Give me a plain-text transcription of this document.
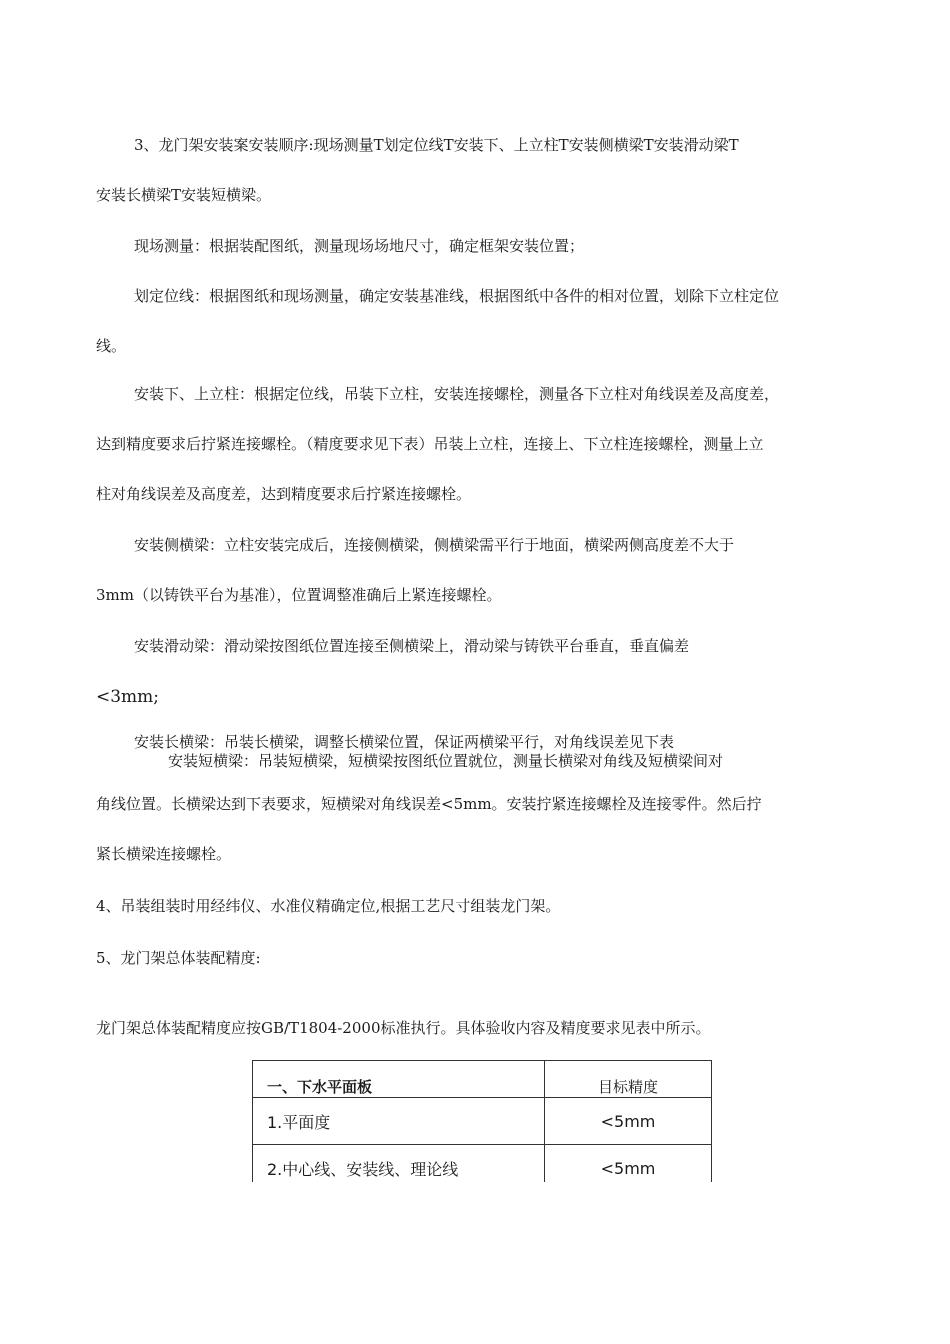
3、龙门架安装案安装顺序:现场测量T划定位线T安装下、上立柱T安装侧横梁T安装滑动梁T
安装长横梁T安装短横梁。
现场测量：根据装配图纸，测量现场场地尺寸，确定框架安装位置；
划定位线：根据图纸和现场测量，确定安装基准线，根据图纸中各件的相对位置，划除下立柱定位
线。
安装下、上立柱：根据定位线，吊装下立柱，安装连接螺栓，测量各下立柱对角线误差及高度差，
达到精度要求后拧紧连接螺栓。（精度要求见下表）吊装上立柱，连接上、下立柱连接螺栓，测量上立
柱对角线误差及高度差，达到精度要求后拧紧连接螺栓。
安装侧横梁：立柱安装完成后，连接侧横梁，侧横梁需平行于地面，横梁两侧高度差不大于
3mm（以铸铁平台为基准），位置调整准确后上紧连接螺栓。
安装滑动梁：滑动梁按图纸位置连接至侧横梁上，滑动梁与铸铁平台垂直，垂直偏差
<3mm;
安装长横梁：吊装长横梁，调整长横梁位置，保证两横梁平行，对角线误差见下表
安装短横梁：吊装短横梁，短横梁按图纸位置就位，测量长横梁对角线及短横梁间对
角线位置。长横梁达到下表要求，短横梁对角线误差<5mm。安装拧紧连接螺栓及连接零件。然后拧
紧长横梁连接螺栓。
4、吊装组装时用经纬仪、水准仪精确定位,根据工艺尺寸组装龙门架。
5、龙门架总体装配精度:
龙门架总体装配精度应按GB/T1804-2000标准执行。具体验收内容及精度要求见表中所示。
一、下水平面板	目标精度
1.平面度	<5mm
2.中心线、安装线、理论线	<5mm
